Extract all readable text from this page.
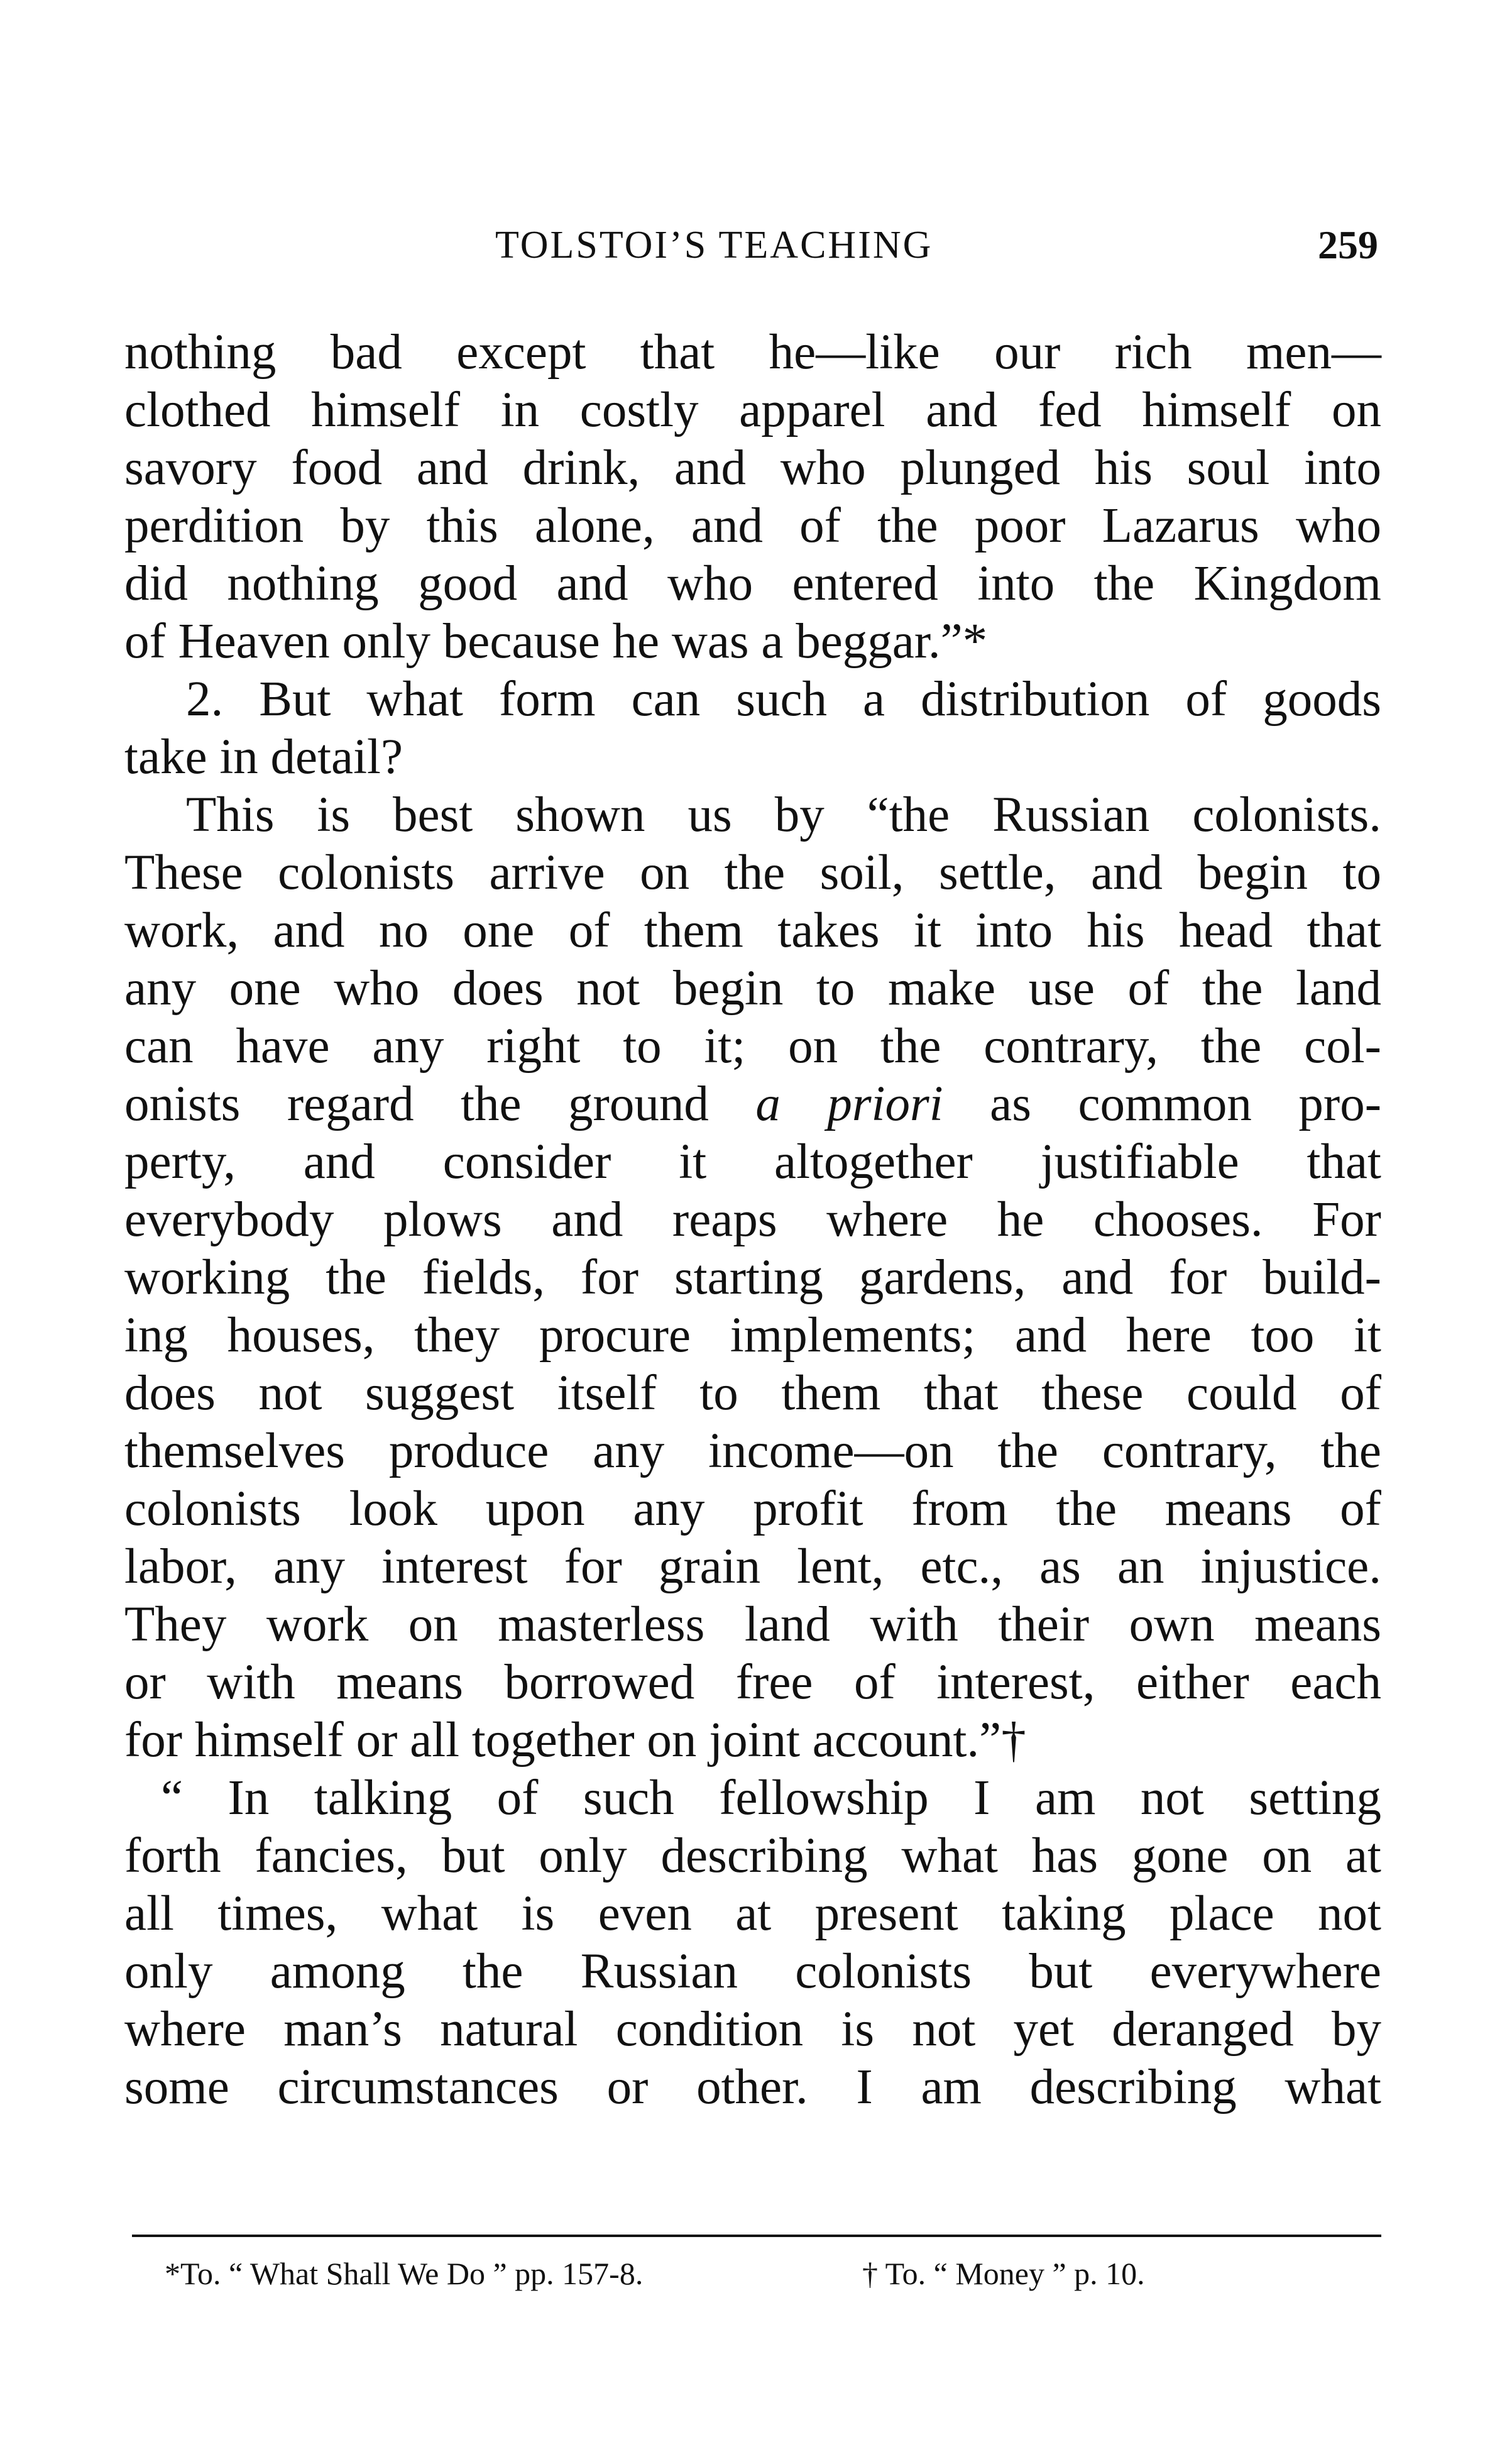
TOLSTOI’S TEACHING	259
nothing bad except that he—like our rich men—
clothed himself in costly apparel and fed himself on
savory food and drink, and who plunged his soul into
perdition by this alone, and of the poor Lazarus who
did nothing good and who entered into the Kingdom
of Heaven only because he was a beggar.”*
2. But what form can such a distribution of goods
take in detail?
This is best shown us by “the Russian colonists.
These colonists arrive on the soil, settle, and begin to
work, and no one of them takes it into his head that
any one who does not begin to make use of the land
can have any right to it; on the contrary, the col-
onists regard the ground a priori as common pro-
perty, and consider it altogether justifiable that
everybody plows and reaps where he chooses. For
working the fields, for starting gardens, and for build-
ing houses, they procure implements; and here too it
does not suggest itself to them that these could of
themselves produce any income—on the contrary, the
colonists look upon any profit from the means of
labor, any interest for grain lent, etc., as an injustice.
They work on masterless land with their own means
or with means borrowed free of interest, either each
for himself or all together on joint account.”†
“ In talking of such fellowship I am not setting
forth fancies, but only describing what has gone on at
all times, what is even at present taking place not
only among the Russian colonists but everywhere
where man’s natural condition is not yet deranged by
some circumstances or other. I am describing what
*To. “ What Shall We Do ” pp. 157-8.	† To. “ Money ” p. 10.
